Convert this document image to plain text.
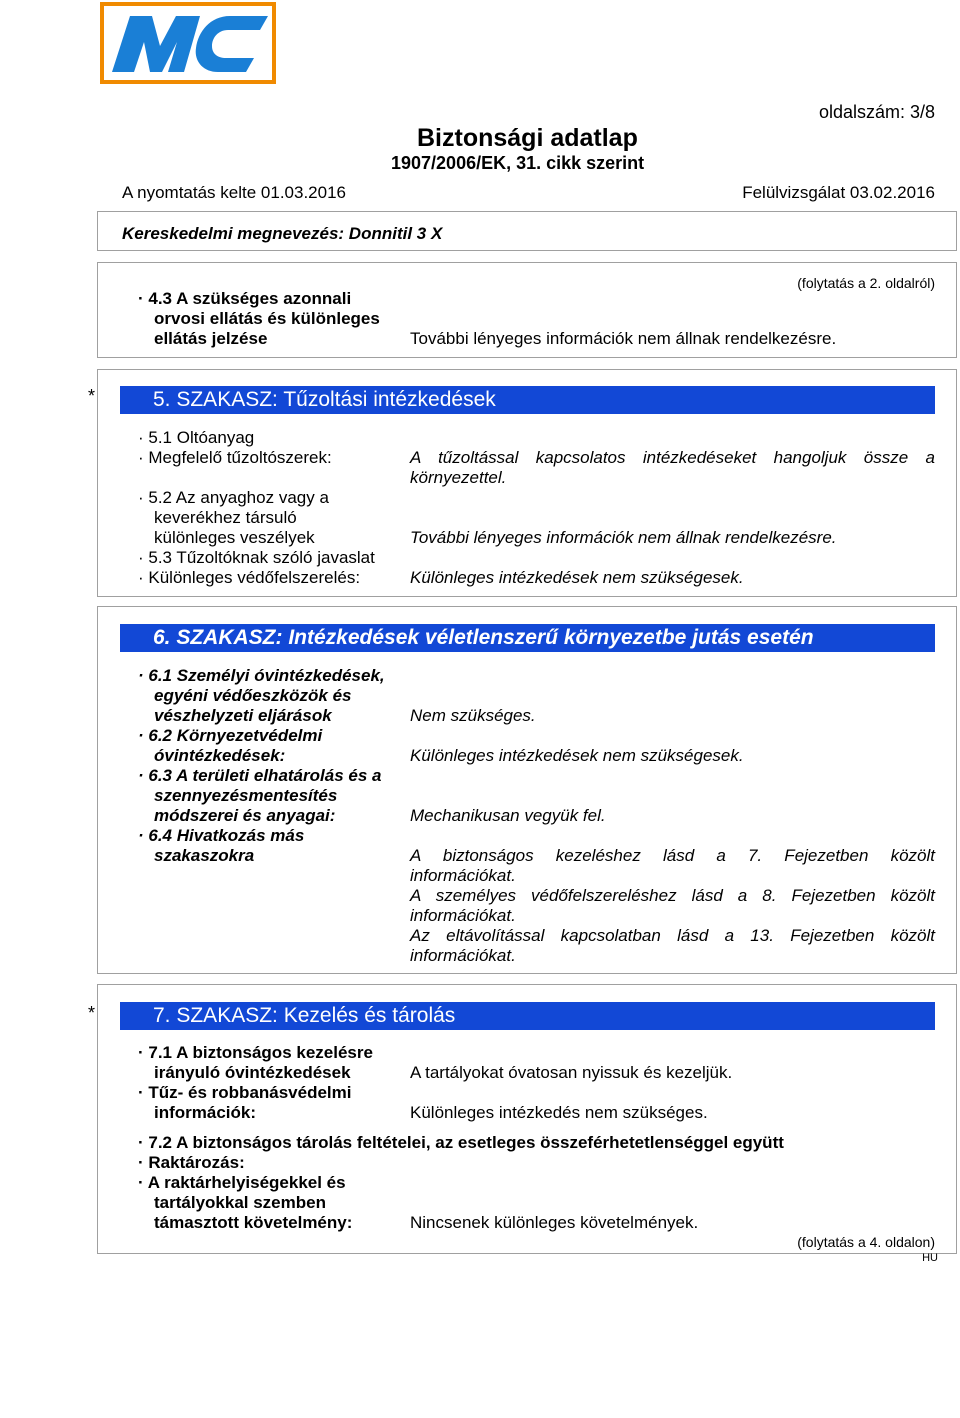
oldalszám: 3/8
Biztonsági adatlap
1907/2006/EK, 31. cikk szerint
A nyomtatás kelte 01.03.2016	Felülvizsgálat 03.02.2016
Kereskedelmi megnevezés: Donnitil 3 X
(folytatás a 2. oldalról)
· 4.3 A szükséges azonnali
orvosi ellátás és különleges
ellátás jelzése	További lényeges információk nem állnak rendelkezésre.
*	5. SZAKASZ: Tűzoltási intézkedések
· 5.1 Oltóanyag
· Megfelelő tűzoltószerek:	A tűzoltással kapcsolatos intézkedéseket hangoljuk össze a
környezettel.
· 5.2 Az anyaghoz vagy a
keverékhez társuló
különleges veszélyek	További lényeges információk nem állnak rendelkezésre.
· 5.3 Tűzoltóknak szóló javaslat
· Különleges védőfelszerelés:	Különleges intézkedések nem szükségesek.
6. SZAKASZ: Intézkedések véletlenszerű környezetbe jutás esetén
· 6.1 Személyi óvintézkedések,
egyéni védőeszközök és
vészhelyzeti eljárások	Nem szükséges.
· 6.2 Környezetvédelmi
óvintézkedések:	Különleges intézkedések nem szükségesek.
· 6.3 A területi elhatárolás és a
szennyezésmentesítés
módszerei és anyagai:	Mechanikusan vegyük fel.
· 6.4 Hivatkozás más
szakaszokra	A biztonságos kezeléshez lásd a 7. Fejezetben közölt
információkat.
A személyes védőfelszereléshez lásd a 8. Fejezetben közölt
információkat.
Az eltávolítással kapcsolatban lásd a 13. Fejezetben közölt
információkat.
*	7. SZAKASZ: Kezelés és tárolás
· 7.1 A biztonságos kezelésre
irányuló óvintézkedések	A tartályokat óvatosan nyissuk és kezeljük.
· Tűz- és robbanásvédelmi
információk:	Különleges intézkedés nem szükséges.
· 7.2 A biztonságos tárolás feltételei, az esetleges összeférhetetlenséggel együtt
· Raktározás:
· A raktárhelyiségekkel és
tartályokkal szemben
támasztott követelmény:	Nincsenek különleges követelmények.
(folytatás a 4. oldalon)
HU
